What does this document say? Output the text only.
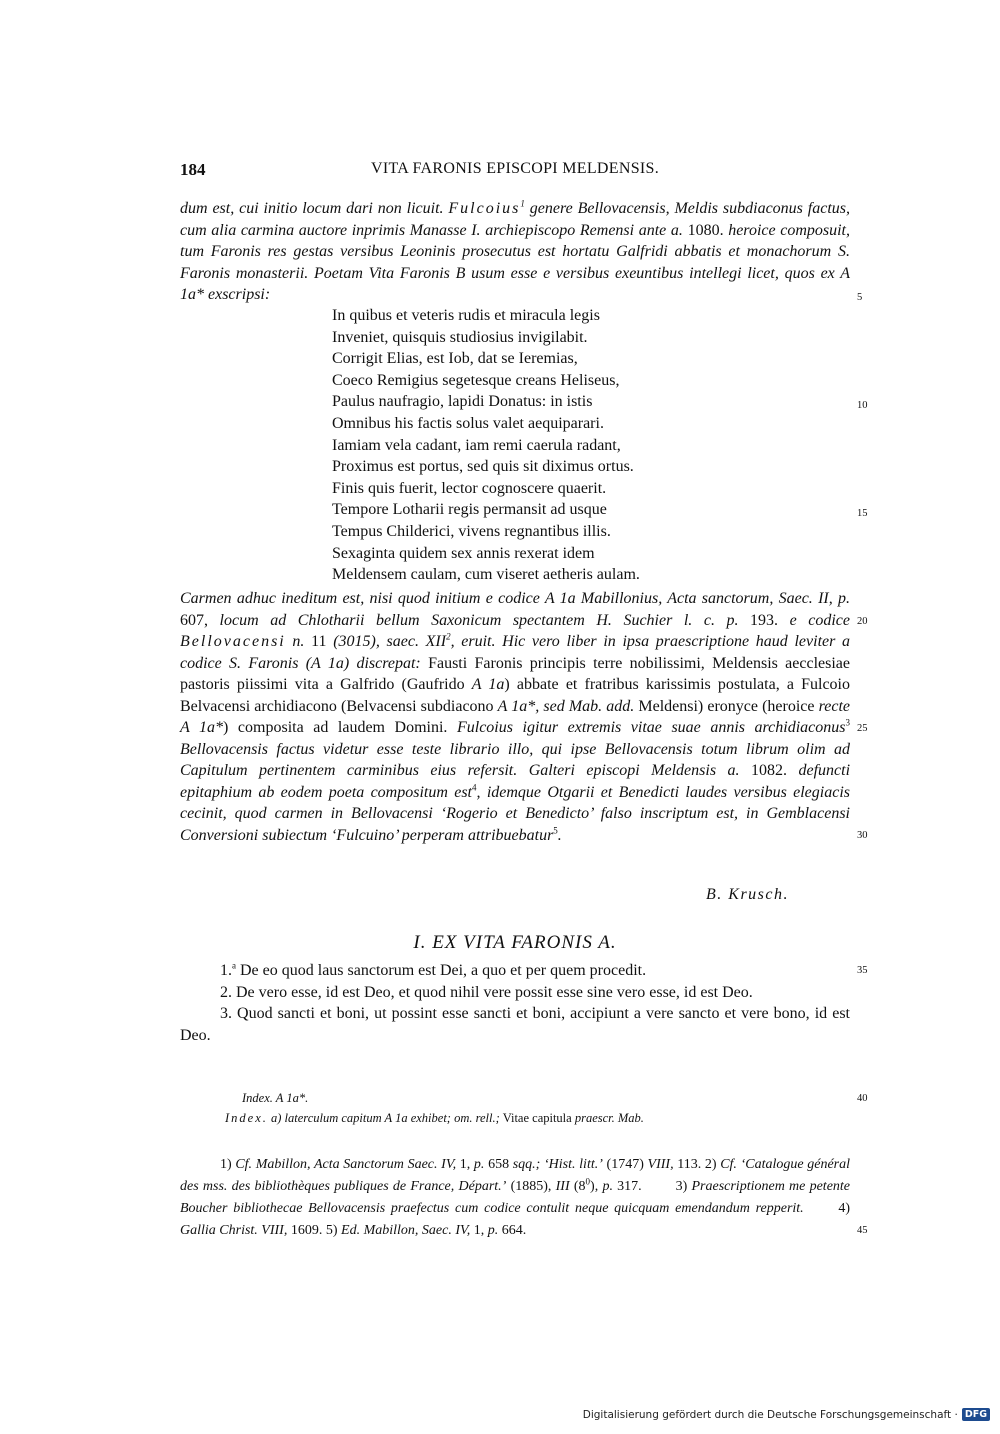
184	VITA FARONIS EPISCOPI MELDENSIS.

dum est, cui initio locum dari non licuit. Fulcoius$^1$ genere Bellovacensis, Meldis subdiaconus factus, cum alia carmina auctore inprimis Manasse I. archiepiscopo Remensi ante a. 1080. heroice composuit, tum Faronis res gestas versibus Leoninis prosecutus est hortatu Galfridi abbatis et monachorum S. Faronis monasterii. Poetam Vita Faronis B usum esse e versibus exeuntibus intellegi licet, quos ex A 1a* exscripsi:

In quibus et veteris rudis et miracula legis
Inveniet, quisquis studiosius invigilabit.
Corrigit Elias, est Iob, dat se Ieremias,
Coeco Remigius segetesque creans Heliseus,
Paulus naufragio, lapidi Donatus: in istis
Omnibus his factis solus valet aequiparari.
Iamiam vela cadant, iam remi caerula radant,
Proximus est portus, sed quis sit diximus ortus.
Finis quis fuerit, lector cognoscere quaerit.
Tempore Lotharii regis permansit ad usque
Tempus Childerici, vivens regnantibus illis.
Sexaginta quidem sex annis rexerat idem
Meldensem caulam, cum viseret aetheris aulam.

Carmen adhuc ineditum est, nisi quod initium e codice A 1a Mabillonius, Acta sanctorum, Saec. II, p. 607, locum ad Chlotharii bellum Saxonicum spectantem H. Suchier l. c. p. 193. e codice Bellovacensi n. 11 (3015), saec. XII$^2$, eruit. Hic vero liber in ipsa praescriptione haud leviter a codice S. Faronis (A 1a) discrepat: Fausti Faronis principis terre nobilissimi, Meldensis aecclesiae pastoris piissimi vita a Galfrido (Gaufrido A 1a) abbate et fratribus karissimis postulata, a Fulcoio Belvacensi archidiacono (Belvacensi subdiacono A 1a*, sed Mab. add. Meldensi) eronyce (heroice recte A 1a*) composita ad laudem Domini. Fulcoius igitur extremis vitae suae annis archidiaconus$^3$ Bellovacensis factus videtur esse teste librario illo, qui ipse Bellovacensis totum librum olim ad Capitulum pertinentem carminibus eius refersit. Galteri episcopi Meldensis a. 1082. defuncti epitaphium ab eodem poeta compositum est$^4$, idemque Otgarii et Benedicti laudes versibus elegiacis cecinit, quod carmen in Bellovacensi ‘Rogerio et Benedicto’ falso inscriptum est, in Gemblacensi Conversioni subiectum ‘Fulcuino’ perperam attribuebatur$^5$.

B. Krusch.
I. EX VITA FARONIS A.

1.$^a$ De eo quod laus sanctorum est Dei, a quo et per quem procedit.

2. De vero esse, id est Deo, et quod nihil vere possit esse sine vero esse, id est Deo.

3. Quod sancti et boni, ut possint esse sancti et boni, accipiunt a vere sancto et vere bono, id est Deo.

Index. A 1a*.

Index. a) laterculum capitum A 1a exhibet; om. rell.; Vitae capitula praescr. Mab.

1) Cf. Mabillon, Acta Sanctorum Saec. IV, 1, p. 658 sqq.; ‘Hist. litt.’ (1747) VIII, 113. 2) Cf. ‘Catalogue général des mss. des bibliothèques publiques de France, Départ.’ (1885), III $(8^0)$, p. 317. 3) Praescriptionem me petente Boucher bibliothecae Bellovacensis praefectus cum codice contulit neque quicquam emendandum repperit. 4) Gallia Christ. VIII, 1609. 5) Ed. Mabillon, Saec. IV, 1, p. 664.

5
10
15
20
25
30
35
40
45
Digitalisierung gefördert durch die Deutsche Forschungsgemeinschaft · DFG
